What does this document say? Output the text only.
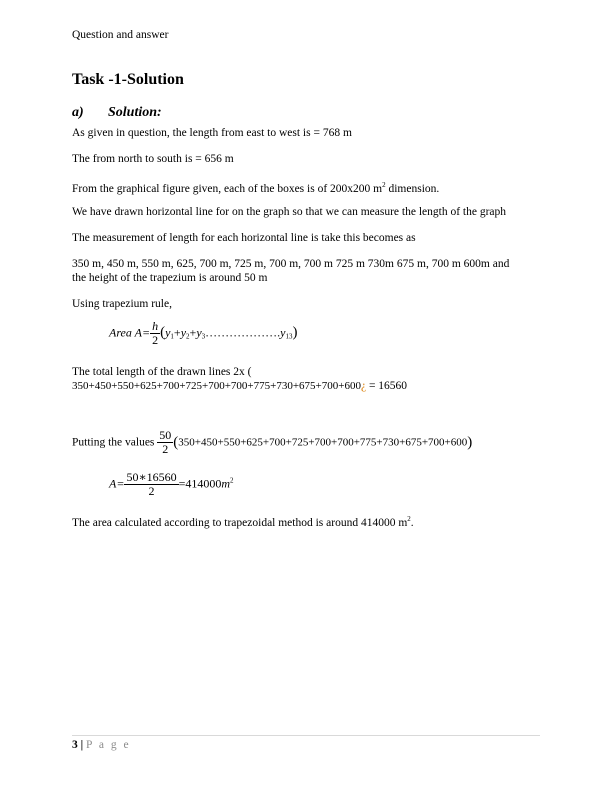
Question and answer
Task -1-Solution
a) Solution:
As given in question, the length from east to west is = 768 m
The from north to south is = 656 m
From the graphical figure given, each of the boxes is of 200x200 $m^2$ dimension.
We have drawn horizontal line for on the graph so that we can measure the length of the graph
The measurement of length for each horizontal line is take this becomes as
350 m, 450 m, 550 m, 625, 700 m, 725 m, 700 m, 700 m 725 m 730m 675 m, 700 m 600m and
the height of the trapezium is around 50 m
Using trapezium rule,
Area $A= \frac{h}{2}$ $(y_1+y_2+y_3\dots\dots\dots\dots\dots\dots.y_{13})$
The total length of the drawn lines 2x (
350+450+550+625+700+725+700+700+775+730+675+700+600¿ = 16560
Putting the values $\frac{50}{2} (350+450+550+625+700+725+700+700+775+730+675+700+600)$
$A= \frac{50∗16560}{2} =414000m^2$
The area calculated according to trapezoidal method is around 414000 $m^2$.
3 | P a g e
